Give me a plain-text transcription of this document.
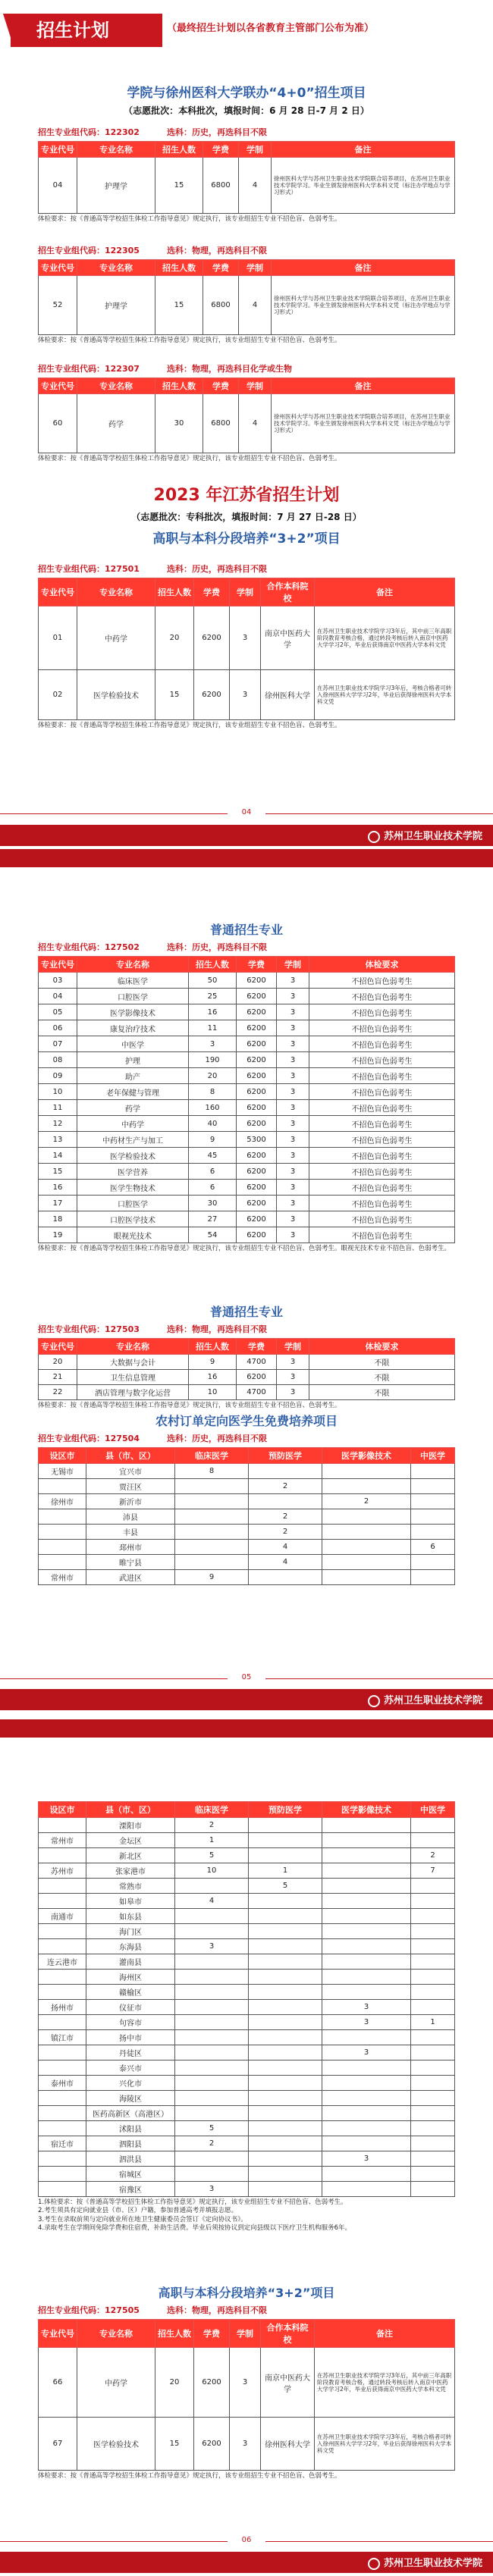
招生计划	（最终招生计划以各省教育主管部门公布为准）
学院与徐州医科大学联办“4+0”招生项目
（志愿批次：本科批次，填报时间：6 月 28 日-7 月 2 日）
招生专业组代码：122302	选科：历史，再选科目不限
专业代号	专业名称	招生人数	学费	学制	备注
04	护理学	15	6800	4	徐州医科大学与苏州卫生职业技术学院联合培养项目，在苏州卫生职业技术学院学习。毕业生颁发徐州医科大学本科文凭（标注办学地点与学习形式）
体检要求：按《普通高等学校招生体检工作指导意见》规定执行，该专业组招生专业不招色盲、色弱考生。
招生专业组代码：122305	选科：物理，再选科目不限
专业代号	专业名称	招生人数	学费	学制	备注
52	护理学	15	6800	4	徐州医科大学与苏州卫生职业技术学院联合培养项目，在苏州卫生职业技术学院学习。毕业生颁发徐州医科大学本科文凭（标注办学地点与学习形式）
体检要求：按《普通高等学校招生体检工作指导意见》规定执行，该专业组招生专业不招色盲、色弱考生。
招生专业组代码：122307	选科：物理，再选科目化学或生物
专业代号	专业名称	招生人数	学费	学制	备注
60	药学	30	6800	4	徐州医科大学与苏州卫生职业技术学院联合培养项目，在苏州卫生职业技术学院学习。毕业生颁发徐州医科大学本科文凭（标注办学地点与学习形式）
体检要求：按《普通高等学校招生体检工作指导意见》规定执行，该专业组招生专业不招色盲、色弱考生。
2023 年江苏省招生计划
（志愿批次：专科批次，填报时间：7 月 27 日-28 日）
高职与本科分段培养“3+2”项目
招生专业组代码：127501	选科：历史，再选科目不限
专业代号	专业名称	招生人数	学费	学制	合作本科院校	备注
01	中药学	20	6200	3	南京中医药大学	在苏州卫生职业技术学院学习3年后，其中前三年高职阶段教育考核合格，通过转段考核后转入南京中医药大学学习2年，毕业后获得南京中医药大学本科文凭
02	医学检验技术	15	6200	3	徐州医科大学	在苏州卫生职业技术学院学习3年后，考核合格者可转入徐州医科大学学习2年，毕业后获得徐州医科大学本科文凭
体检要求：按《普通高等学校招生体检工作指导意见》规定执行，该专业组招生专业不招色盲、色弱考生。
04
苏州卫生职业技术学院
普通招生专业
招生专业组代码：127502	选科：历史，再选科目不限
专业代号	专业名称	招生人数	学费	学制	体检要求
03	临床医学	50	6200	3	不招色盲色弱考生
04	口腔医学	25	6200	3	不招色盲色弱考生
05	医学影像技术	16	6200	3	不招色盲色弱考生
06	康复治疗技术	11	6200	3	不招色盲色弱考生
07	中医学	3	6200	3	不招色盲色弱考生
08	护理	190	6200	3	不招色盲色弱考生
09	助产	20	6200	3	不招色盲色弱考生
10	老年保健与管理	8	6200	3	不招色盲色弱考生
11	药学	160	6200	3	不招色盲色弱考生
12	中药学	40	6200	3	不招色盲色弱考生
13	中药材生产与加工	9	5300	3	不招色盲色弱考生
14	医学检验技术	45	6200	3	不招色盲色弱考生
15	医学营养	6	6200	3	不招色盲色弱考生
16	医学生物技术	6	6200	3	不招色盲色弱考生
17	口腔医学	30	6200	3	不招色盲色弱考生
18	口腔医学技术	27	6200	3	不招色盲色弱考生
19	眼视光技术	54	6200	3	不招色盲色弱考生
体检要求：按《普通高等学校招生体检工作指导意见》规定执行，该专业组招生专业不招色盲、色弱考生。眼视光技术专业不招色盲、色弱考生。
普通招生专业
招生专业组代码：127503	选科：物理，再选科目不限
专业代号	专业名称	招生人数	学费	学制	体检要求
20	大数据与会计	9	4700	3	不限
21	卫生信息管理	16	6200	3	不限
22	酒店管理与数字化运营	10	4700	3	不限
体检要求：按《普通高等学校招生体检工作指导意见》规定执行，该专业组招生专业不招色盲、色弱考生。
农村订单定向医学生免费培养项目
招生专业组代码：127504	选科：历史，再选科目不限
设区市	县（市、区）	临床医学	预防医学	医学影像技术	中医学
无锡市	宜兴市	8			
	贾汪区		2		
徐州市	新沂市			2	
	沛县		2		
	丰县		2		
	邳州市		4		6
	睢宁县		4		
常州市	武进区	9			
05
苏州卫生职业技术学院
设区市	县（市、区）	临床医学	预防医学	医学影像技术	中医学
	溧阳市	2			
常州市	金坛区	1			
	新北区	5			2
苏州市	张家港市	10	1		7
	常熟市		5		
	如皋市	4			
南通市	如东县				
	海门区				
	东海县	3			
连云港市	灌南县				
	海州区				
	赣榆区				
扬州市	仪征市			3	
	句容市			3	1
镇江市	扬中市				
	丹徒区			3	
	泰兴市				
泰州市	兴化市				
	海陵区				
	医药高新区（高港区）				
	沭阳县	5			
宿迁市	泗阳县	2			
	泗洪县			3	
	宿城区				
	宿豫区	3			
1.体检要求：按《普通高等学校招生体检工作指导意见》规定执行，该专业组招生专业不招色盲、色弱考生。
2.考生须具有定向就业县（市、区）户籍，参加普通高考并填报志愿。
3.考生在录取前须与定向就业所在地卫生健康委员会签订《定向协议书》。
4.录取考生在学期间免除学费和住宿费，补助生活费。毕业后须按协议到定向县级以下医疗卫生机构服务6年。
高职与本科分段培养“3+2”项目
招生专业组代码：127505	选科：物理，再选科目不限
专业代号	专业名称	招生人数	学费	学制	合作本科院校	备注
66	中药学	20	6200	3	南京中医药大学	在苏州卫生职业技术学院学习3年后，其中前三年高职阶段教育考核合格，通过转段考核后转入南京中医药大学学习2年，毕业后获得南京中医药大学本科文凭
67	医学检验技术	15	6200	3	徐州医科大学	在苏州卫生职业技术学院学习3年后，考核合格者可转入徐州医科大学学习2年，毕业后获得徐州医科大学本科文凭
体检要求：按《普通高等学校招生体检工作指导意见》规定执行，该专业组招生专业不招色盲、色弱考生。
06
苏州卫生职业技术学院
